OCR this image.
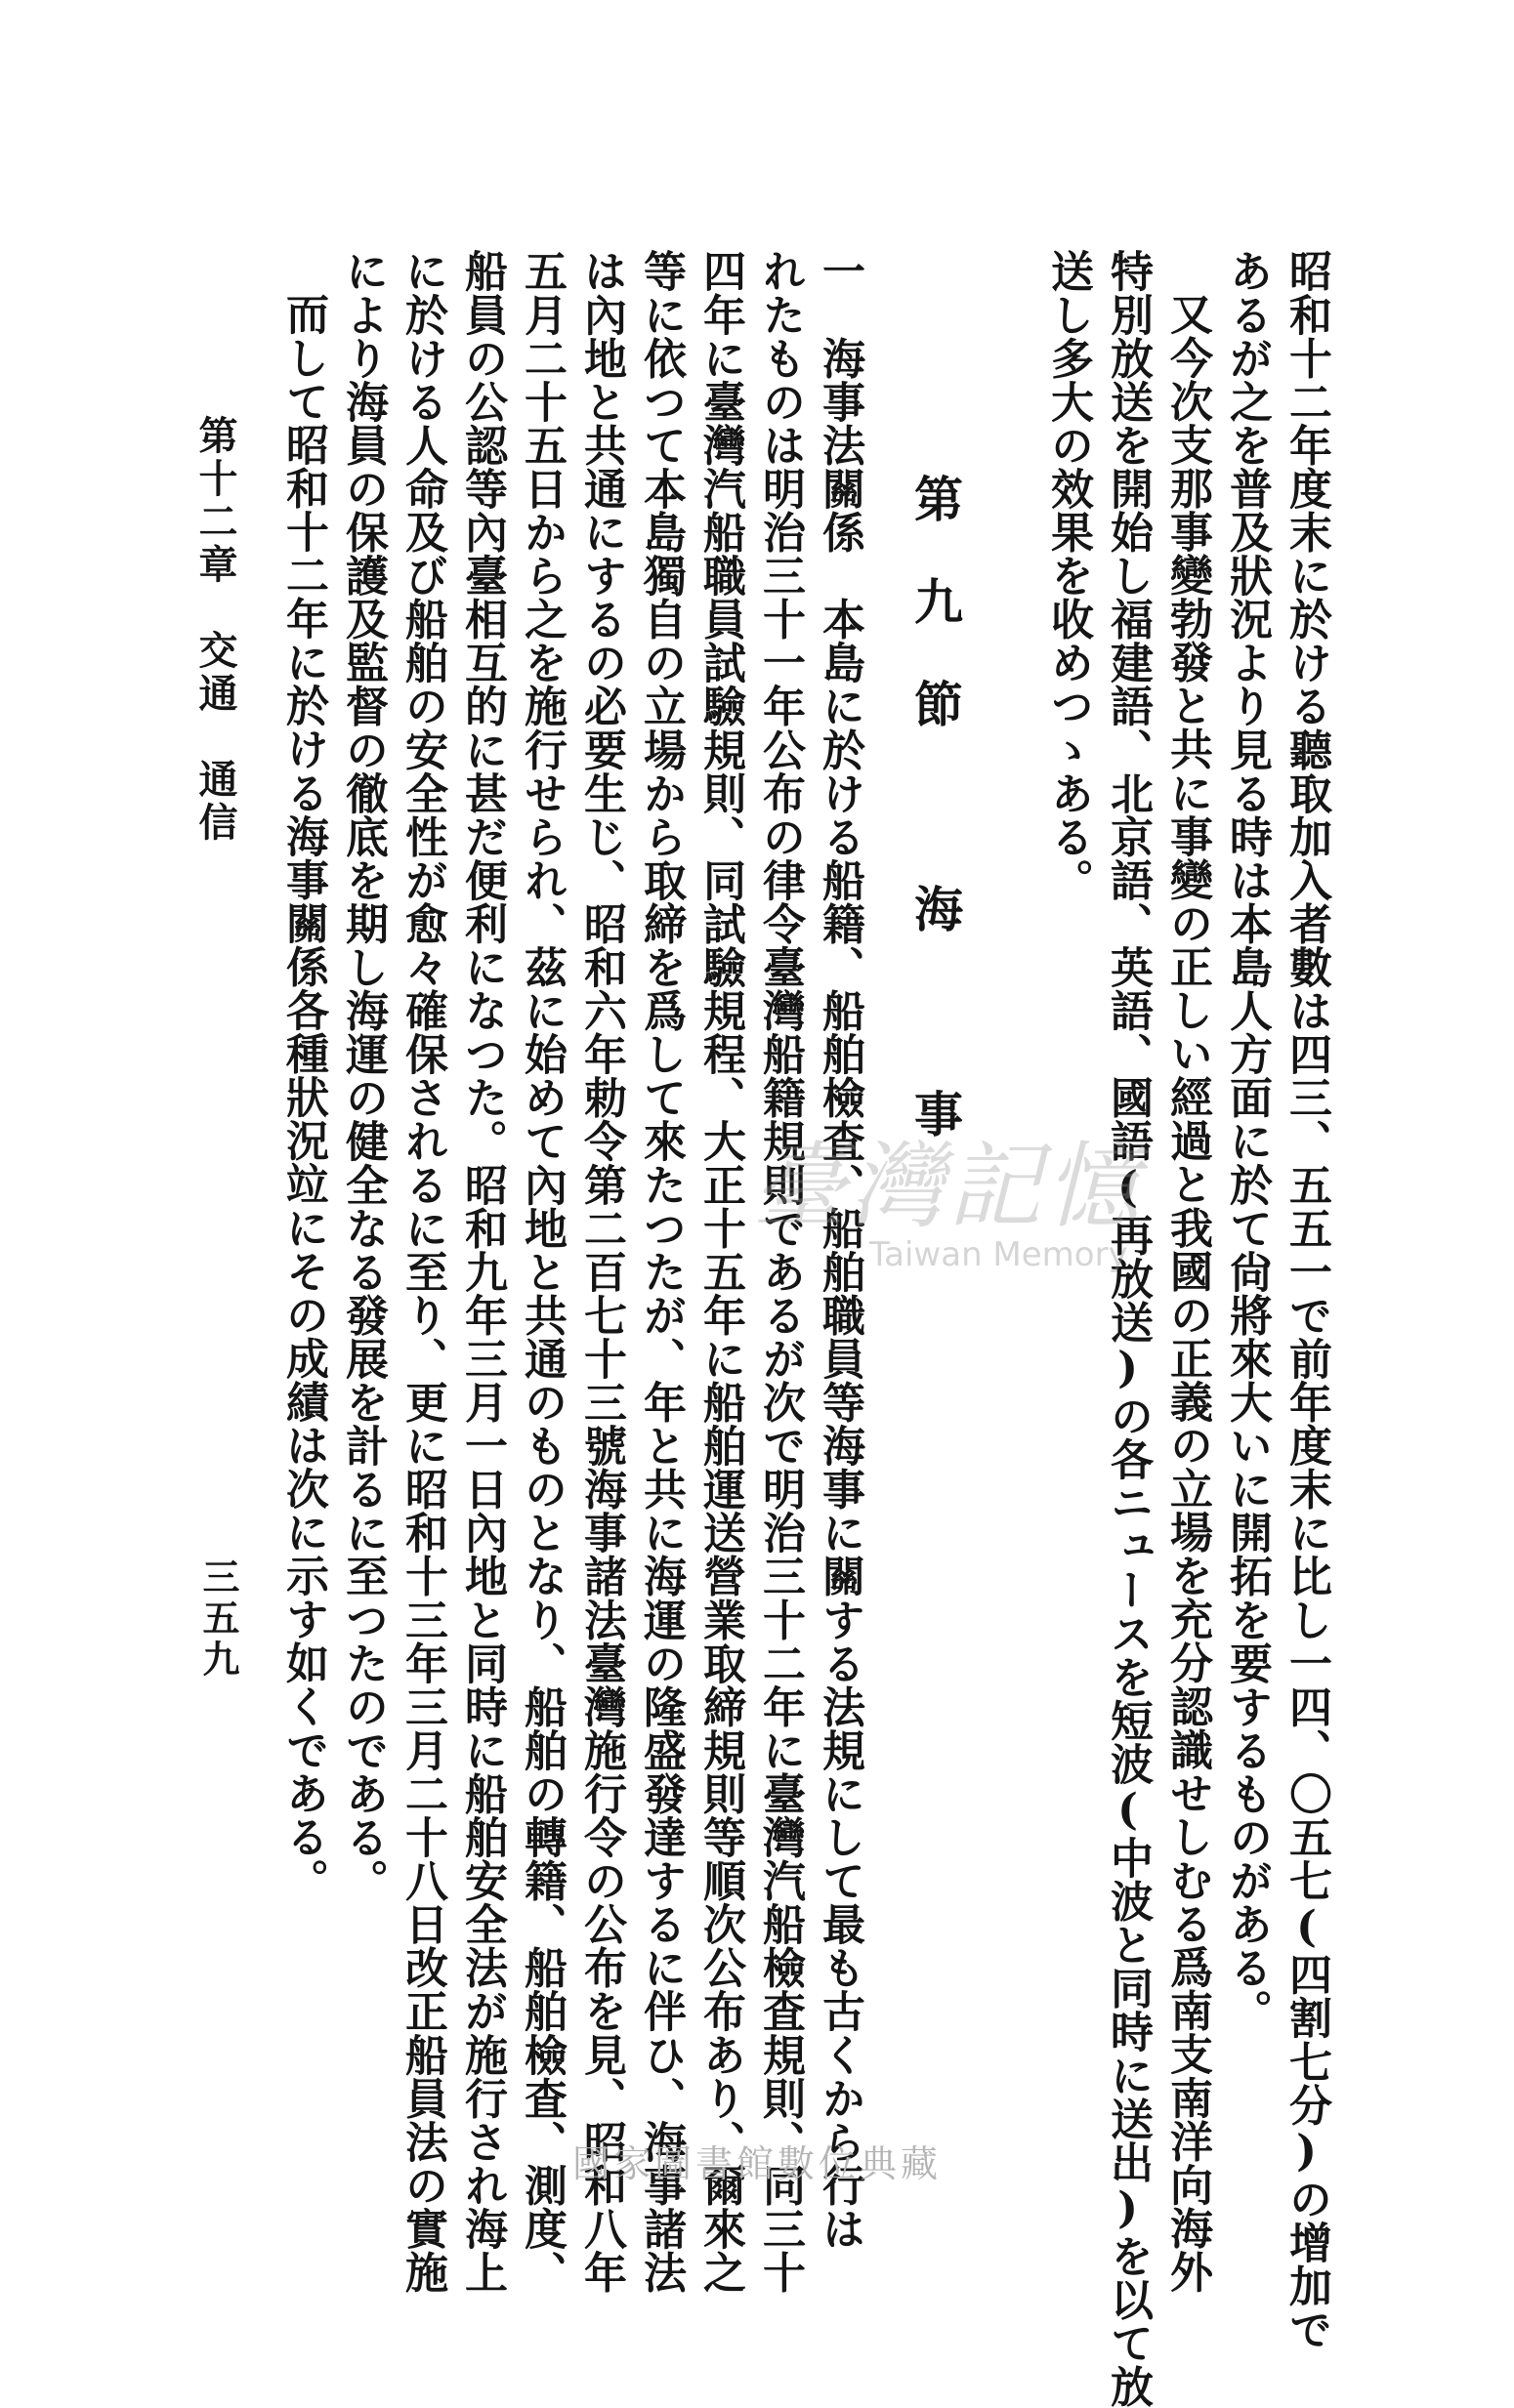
昭和十二年度末に於ける聽取加入者數は四三、五五一で前年度末に比し一四、〇五七(四割七分)の增加で
あるが之を普及狀況より見る時は本島人方面に於て尙將來大いに開拓を要するものがある。
又今次支那事變勃發と共に事變の正しい經過と我國の正義の立場を充分認識せしむる爲南支南洋向海外
特別放送を開始し福建語、北京語、英語、國語(再放送)の各ニュースを短波(中波と同時に送出)を以て放
送し多大の效果を收めつゝある。
第九節　海　事
一　海事法關係　本島に於ける船籍、船舶檢査、船舶職員等海事に關する法規にして最も古くから行は
れたものは明治三十一年公布の律令臺灣船籍規則であるが次で明治三十二年に臺灣汽船檢査規則、同三十
四年に臺灣汽船職員試驗規則、同試驗規程、大正十五年に船舶運送營業取締規則等順次公布あり、爾來之
等に依つて本島獨自の立場から取締を爲して來たつたが、年と共に海運の隆盛發達するに伴ひ、海事諸法
は內地と共通にするの必要生じ、昭和六年勅令第二百七十三號海事諸法臺灣施行令の公布を見、昭和八年
五月二十五日から之を施行せられ、茲に始めて內地と共通のものとなり、船舶の轉籍、船舶檢査、測度、
船員の公認等內臺相互的に甚だ便利になつた。昭和九年三月一日內地と同時に船舶安全法が施行され海上
に於ける人命及び船舶の安全性が愈々確保されるに至り、更に昭和十三年三月二十八日改正船員法の實施
により海員の保護及監督の徹底を期し海運の健全なる發展を計るに至つたのである。
而して昭和十二年に於ける海事關係各種狀況竝にその成績は次に示す如くである。
第十二章　交通　通信
三五九
臺灣記憶
Taiwan Memory
國家圖書館數位典藏
